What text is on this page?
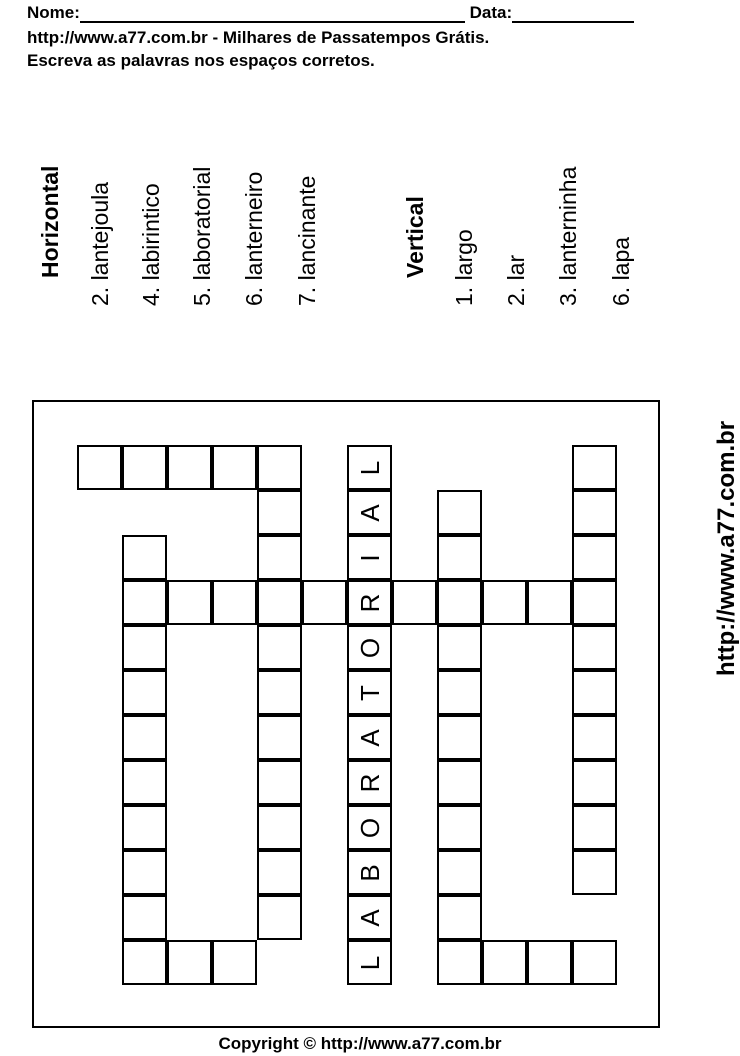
Nome:	Data:
http://www.a77.com.br - Milhares de Passatempos Grátis.
Escreva as palavras nos espaços corretos.
Horizontal 2. lantejoula 4. labirintico 5. laboratorial 6. lanterneiro 7. lancinante	Vertical 1. largo 2. lar 3. lanterninha 6. lapa
http://www.a77.com.br
L
A
I
R
O
T
A
R
O
B
A
L
Copyright © http://www.a77.com.br
